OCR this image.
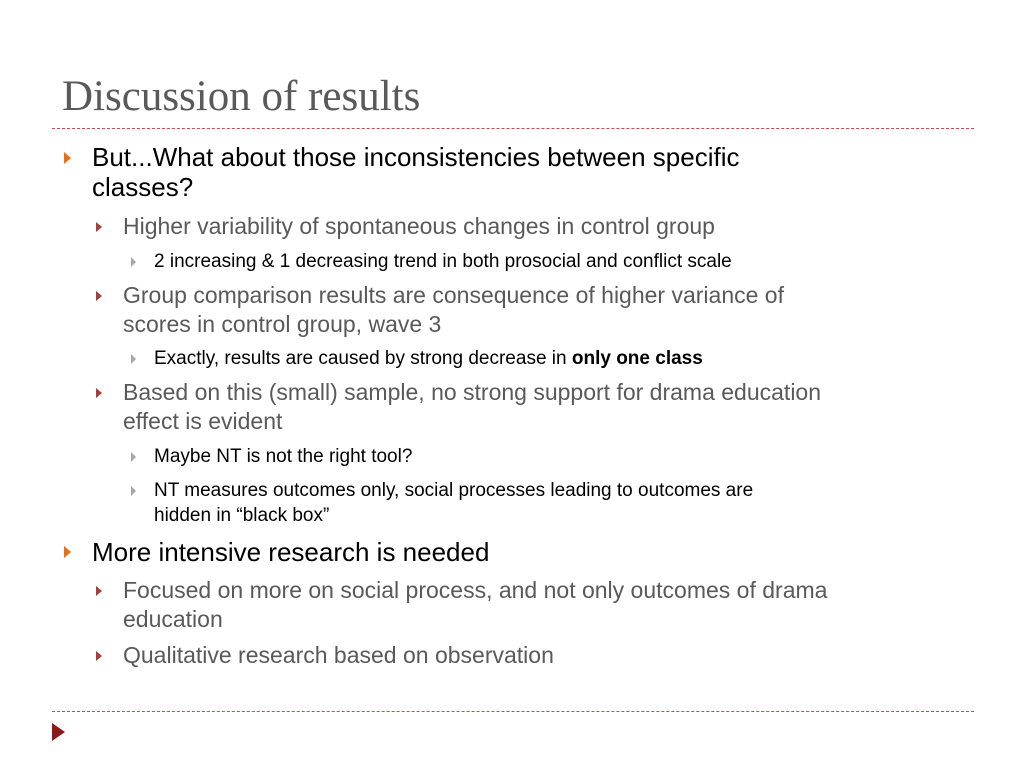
Discussion of results
But...What about those inconsistencies between specific
classes?
Higher variability of spontaneous changes in control group
2 increasing & 1 decreasing trend in both prosocial and conflict scale
Group comparison results are consequence of higher variance of
scores in control group, wave 3
Exactly, results are caused by strong decrease in only one class
Based on this (small) sample, no strong support for drama education
effect is evident
Maybe NT is not the right tool?
NT measures outcomes only, social processes leading to outcomes are
hidden in “black box”
More intensive research is needed
Focused on more on social process, and not only outcomes of drama
education
Qualitative research based on observation
